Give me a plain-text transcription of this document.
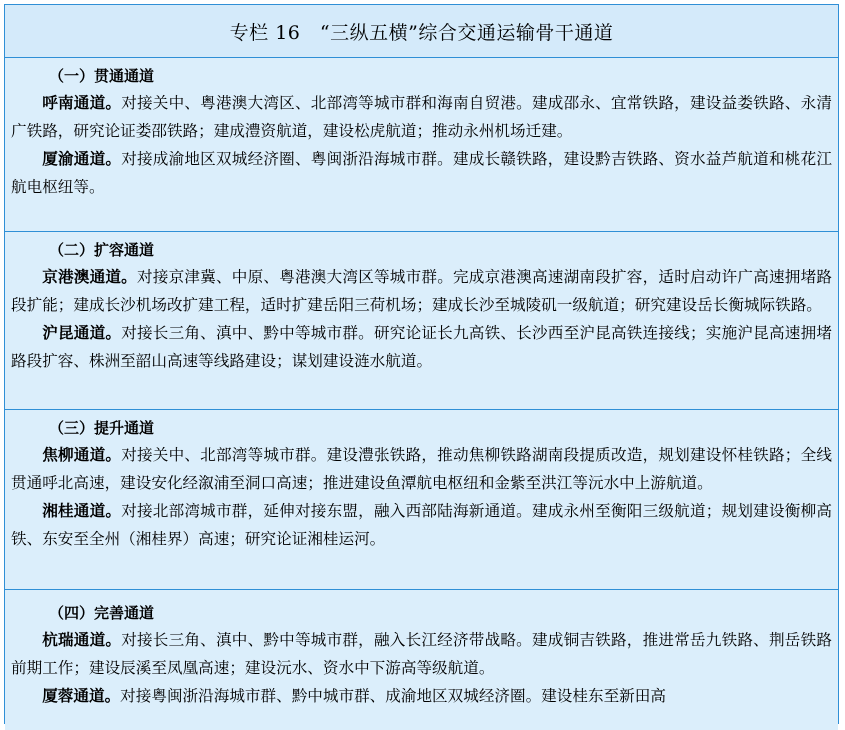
专栏 16　“三纵五横”综合交通运输骨干通道
（一）贯通通道

呼南通道。对接关中、粤港澳大湾区、北部湾等城市群和海南自贸港。建成邵永、宜常铁路，建设益娄铁路、永清广铁路，研究论证娄邵铁路；建成澧资航道，建设松虎航道；推动永州机场迁建。

厦渝通道。对接成渝地区双城经济圈、粤闽浙沿海城市群。建成长赣铁路，建设黔吉铁路、资水益芦航道和桃花江航电枢纽等。

（二）扩容通道

京港澳通道。对接京津冀、中原、粤港澳大湾区等城市群。完成京港澳高速湖南段扩容，适时启动许广高速拥堵路段扩能；建成长沙机场改扩建工程，适时扩建岳阳三荷机场；建成长沙至城陵矶一级航道；研究建设岳长衡城际铁路。

沪昆通道。对接长三角、滇中、黔中等城市群。研究论证长九高铁、长沙西至沪昆高铁连接线；实施沪昆高速拥堵路段扩容、株洲至韶山高速等线路建设；谋划建设涟水航道。

（三）提升通道

焦柳通道。对接关中、北部湾等城市群。建设澧张铁路，推动焦柳铁路湖南段提质改造，规划建设怀桂铁路；全线贯通呼北高速，建设安化经溆浦至洞口高速；推进建设鱼潭航电枢纽和金紫至洪江等沅水中上游航道。

湘桂通道。对接北部湾城市群，延伸对接东盟，融入西部陆海新通道。建成永州至衡阳三级航道；规划建设衡柳高铁、东安至全州（湘桂界）高速；研究论证湘桂运河。

（四）完善通道

杭瑞通道。对接长三角、滇中、黔中等城市群，融入长江经济带战略。建成铜吉铁路，推进常岳九铁路、荆岳铁路前期工作；建设辰溪至凤凰高速；建设沅水、资水中下游高等级航道。

厦蓉通道。对接粤闽浙沿海城市群、黔中城市群、成渝地区双城经济圈。建设桂东至新田高
